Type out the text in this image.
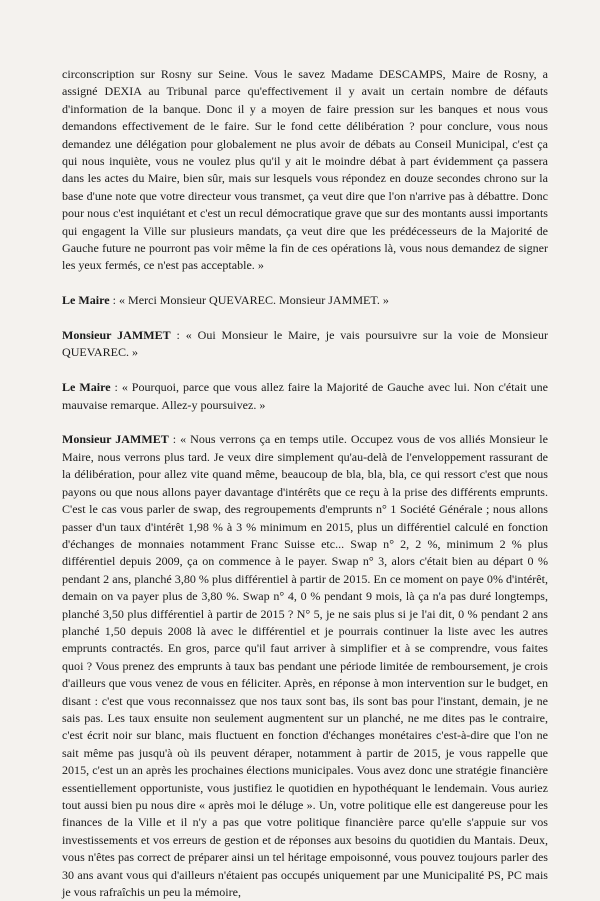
circonscription sur Rosny sur Seine. Vous le savez Madame DESCAMPS, Maire de Rosny, a assigné DEXIA au Tribunal parce qu'effectivement il y avait un certain nombre de défauts d'information de la banque. Donc il y a moyen de faire pression sur les banques et nous vous demandons effectivement de le faire. Sur le fond cette délibération ? pour conclure, vous nous demandez une délégation pour globalement ne plus avoir de débats au Conseil Municipal, c'est ça qui nous inquiète, vous ne voulez plus qu'il y ait le moindre débat à part évidemment ça passera dans les actes du Maire, bien sûr, mais sur lesquels vous répondez en douze secondes chrono sur la base d'une note que votre directeur vous transmet, ça veut dire que l'on n'arrive pas à débattre. Donc pour nous c'est inquiétant et c'est un recul démocratique grave que sur des montants aussi importants qui engagent la Ville sur plusieurs mandats, ça veut dire que les prédécesseurs de la Majorité de Gauche future ne pourront pas voir même la fin de ces opérations là, vous nous demandez de signer les yeux fermés, ce n'est pas acceptable. »

Le Maire : « Merci Monsieur QUEVAREC. Monsieur JAMMET. »

Monsieur JAMMET : « Oui Monsieur le Maire, je vais poursuivre sur la voie de Monsieur QUEVAREC. »

Le Maire : « Pourquoi, parce que vous allez faire la Majorité de Gauche avec lui. Non c'était une mauvaise remarque. Allez-y poursuivez. »

Monsieur JAMMET : « Nous verrons ça en temps utile. Occupez vous de vos alliés Monsieur le Maire, nous verrons plus tard. Je veux dire simplement qu'au-delà de l'enveloppement rassurant de la délibération, pour allez vite quand même, beaucoup de bla, bla, bla, ce qui ressort c'est que nous payons ou que nous allons payer davantage d'intérêts que ce reçu à la prise des différents emprunts. C'est le cas vous parler de swap, des regroupements d'emprunts n° 1 Société Générale ; nous allons passer d'un taux d'intérêt 1,98 % à 3 % minimum en 2015, plus un différentiel calculé en fonction d'échanges de monnaies notamment Franc Suisse etc... Swap n° 2, 2 %, minimum 2 % plus différentiel depuis 2009, ça on commence à le payer. Swap n° 3, alors c'était bien au départ 0 % pendant 2 ans, planché 3,80 % plus différentiel à partir de 2015. En ce moment on paye 0% d'intérêt, demain on va payer plus de 3,80 %. Swap n° 4, 0 % pendant 9 mois, là ça n'a pas duré longtemps, planché 3,50 plus différentiel à partir de 2015 ? N° 5, je ne sais plus si je l'ai dit, 0 % pendant 2 ans planché 1,50 depuis 2008 là avec le différentiel et je pourrais continuer la liste avec les autres emprunts contractés. En gros, parce qu'il faut arriver à simplifier et à se comprendre, vous faites quoi ? Vous prenez des emprunts à taux bas pendant une période limitée de remboursement, je crois d'ailleurs que vous venez de vous en féliciter. Après, en réponse à mon intervention sur le budget, en disant : c'est que vous reconnaissez que nos taux sont bas, ils sont bas pour l'instant, demain, je ne sais pas. Les taux ensuite non seulement augmentent sur un planché, ne me dites pas le contraire, c'est écrit noir sur blanc, mais fluctuent en fonction d'échanges monétaires c'est-à-dire que l'on ne sait même pas jusqu'à où ils peuvent déraper, notamment à partir de 2015, je vous rappelle que 2015, c'est un an après les prochaines élections municipales. Vous avez donc une stratégie financière essentiellement opportuniste, vous justifiez le quotidien en hypothéquant le lendemain. Vous auriez tout aussi bien pu nous dire « après moi le déluge ». Un, votre politique elle est dangereuse pour les finances de la Ville et il n'y a pas que votre politique financière parce qu'elle s'appuie sur vos investissements et vos erreurs de gestion et de réponses aux besoins du quotidien du Mantais. Deux, vous n'êtes pas correct de préparer ainsi un tel héritage empoisonné, vous pouvez toujours parler des 30 ans avant vous qui d'ailleurs n'étaient pas occupés uniquement par une Municipalité PS, PC mais je vous rafraîchis un peu la mémoire,
